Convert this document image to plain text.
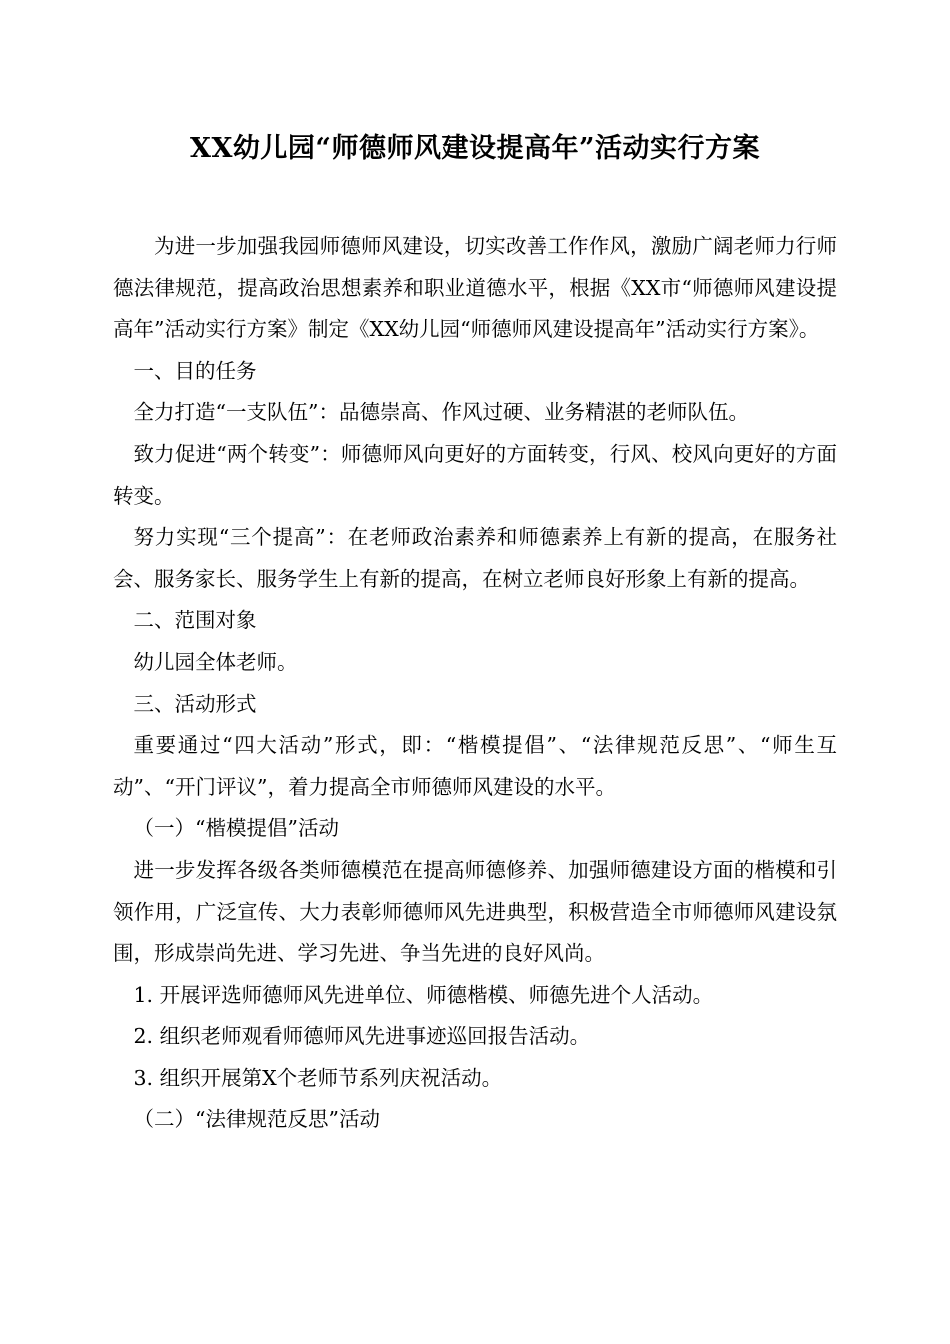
XX幼儿园“师德师风建设提高年”活动实行方案

为进一步加强我园师德师风建设，切实改善工作作风，激励广阔老师力行师德法律规范，提高政治思想素养和职业道德水平，根据《XX市“师德师风建设提高年”活动实行方案》制定《XX幼儿园“师德师风建设提高年”活动实行方案》。

一、目的任务

全力打造“一支队伍”：品德崇高、作风过硬、业务精湛的老师队伍。

致力促进“两个转变”：师德师风向更好的方面转变，行风、校风向更好的方面转变。

努力实现“三个提高”：在老师政治素养和师德素养上有新的提高，在服务社会、服务家长、服务学生上有新的提高，在树立老师良好形象上有新的提高。

二、范围对象

幼儿园全体老师。

三、活动形式

重要通过“四大活动”形式，即：“楷模提倡”、“法律规范反思”、“师生互动”、“开门评议”，着力提高全市师德师风建设的水平。

（一）“楷模提倡”活动

进一步发挥各级各类师德模范在提高师德修养、加强师德建设方面的楷模和引领作用，广泛宣传、大力表彰师德师风先进典型，积极营造全市师德师风建设氛围，形成崇尚先进、学习先进、争当先进的良好风尚。

1. 开展评选师德师风先进单位、师德楷模、师德先进个人活动。

2. 组织老师观看师德师风先进事迹巡回报告活动。

3. 组织开展第X个老师节系列庆祝活动。

（二）“法律规范反思”活动
